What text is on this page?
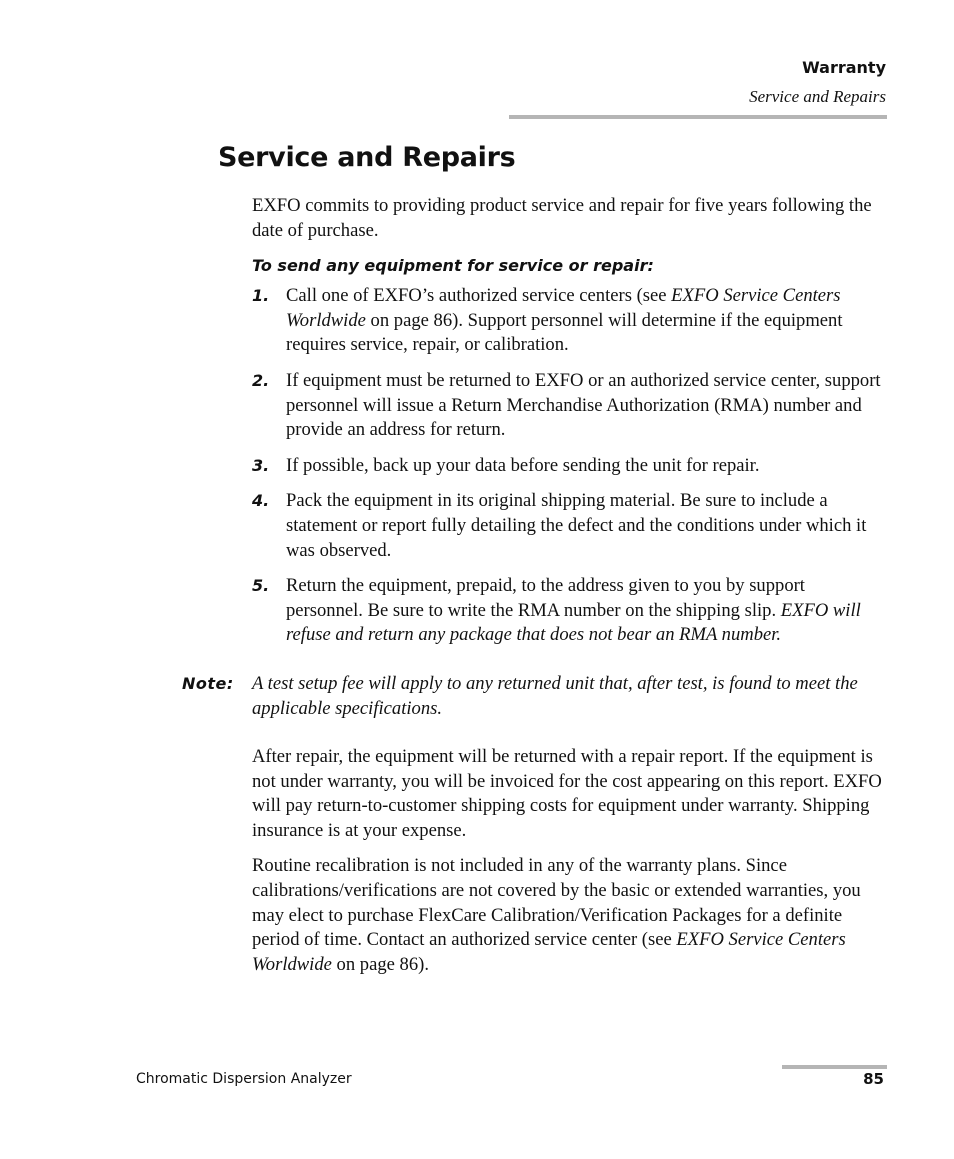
Warranty
Service and Repairs
Service and Repairs

EXFO commits to providing product service and repair for five years following the date of purchase.

To send any equipment for service or repair:
1. Call one of EXFO’s authorized service centers (see EXFO Service Centers Worldwide on page 86). Support personnel will determine if the equipment requires service, repair, or calibration.
2. If equipment must be returned to EXFO or an authorized service center, support personnel will issue a Return Merchandise Authorization (RMA) number and provide an address for return.
3. If possible, back up your data before sending the unit for repair.
4. Pack the equipment in its original shipping material. Be sure to include a statement or report fully detailing the defect and the conditions under which it was observed.
5. Return the equipment, prepaid, to the address given to you by support personnel. Be sure to write the RMA number on the shipping slip. EXFO will refuse and return any package that does not bear an RMA number.
Note: A test setup fee will apply to any returned unit that, after test, is found to meet the applicable specifications.

After repair, the equipment will be returned with a repair report. If the equipment is not under warranty, you will be invoiced for the cost appearing on this report. EXFO will pay return-to-customer shipping costs for equipment under warranty. Shipping insurance is at your expense.

Routine recalibration is not included in any of the warranty plans. Since calibrations/verifications are not covered by the basic or extended warranties, you may elect to purchase FlexCare Calibration/Verification Packages for a definite period of time. Contact an authorized service center (see EXFO Service Centers Worldwide on page 86).

Chromatic Dispersion Analyzer	85
